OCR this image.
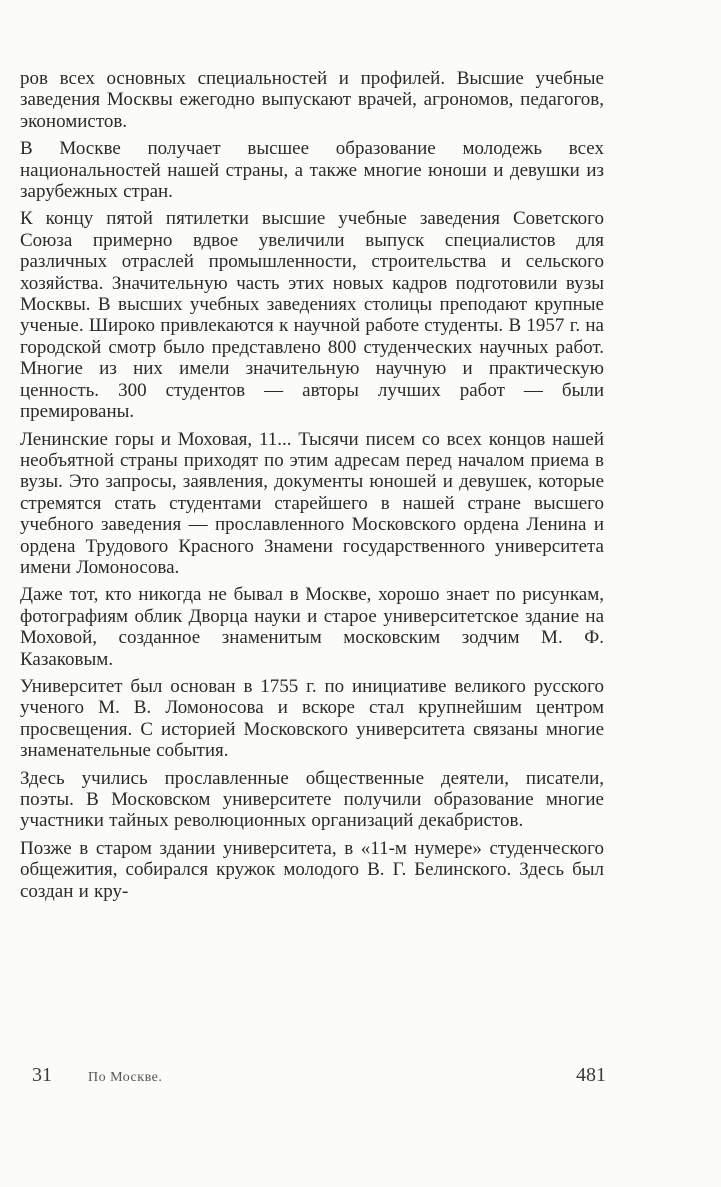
ров всех основных специальностей и профилей. Высшие учебные заведения Москвы ежегодно выпускают врачей, агрономов, педагогов, экономистов.

В Москве получает высшее образование молодежь всех национальностей нашей страны, а также многие юноши и девушки из зарубежных стран.

К концу пятой пятилетки высшие учебные заведения Советского Союза примерно вдвое увеличили выпуск специалистов для различных отраслей промышленности, строительства и сельского хозяйства. Значительную часть этих новых кадров подготовили вузы Москвы. В высших учебных заведениях столицы преподают крупные ученые. Широко привлекаются к научной работе студенты. В 1957 г. на городской смотр было представлено 800 студенческих научных работ. Многие из них имели значительную научную и практическую ценность. 300 студентов — авторы лучших работ — были премированы.

Ленинские горы и Моховая, 11... Тысячи писем со всех концов нашей необъятной страны приходят по этим адресам перед началом приема в вузы. Это запросы, заявления, документы юношей и девушек, которые стремятся стать студентами старейшего в нашей стране высшего учебного заведения — прославленного Московского ордена Ленина и ордена Трудового Красного Знамени государственного университета имени Ломоносова.

Даже тот, кто никогда не бывал в Москве, хорошо знает по рисункам, фотографиям облик Дворца науки и старое университетское здание на Моховой, созданное знаменитым московским зодчим М. Ф. Казаковым.

Университет был основан в 1755 г. по инициативе великого русского ученого М. В. Ломоносова и вскоре стал крупнейшим центром просвещения. С историей Московского университета связаны многие знаменательные события.

Здесь учились прославленные общественные деятели, писатели, поэты. В Московском университете получили образование многие участники тайных революционных организаций декабристов.

Позже в старом здании университета, в «11-м нумере» студенческого общежития, собирался кружок молодого В. Г. Белинского. Здесь был создан и кру-

31	По Москве.	481
